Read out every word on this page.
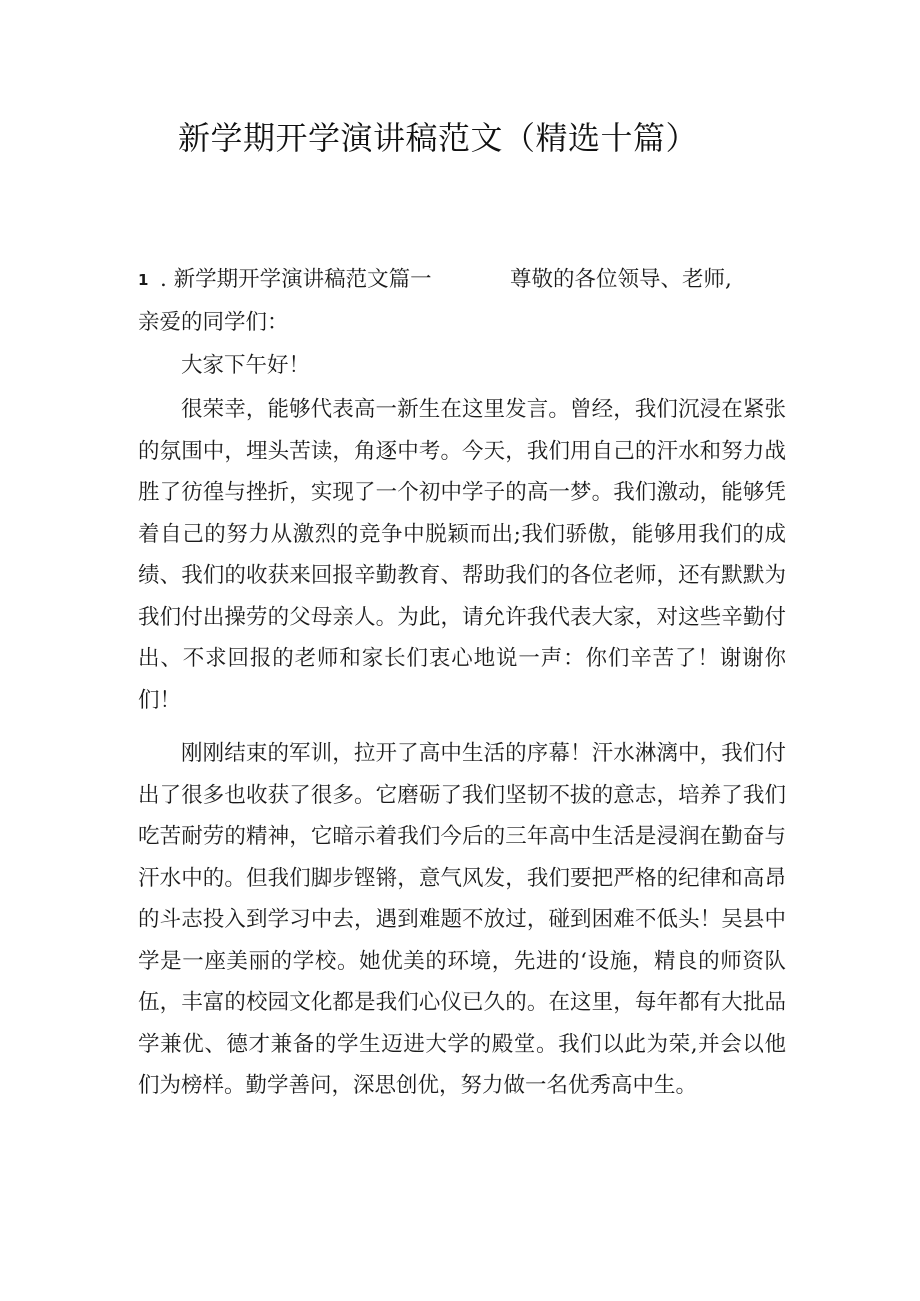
新学期开学演讲稿范文（精选十篇）
1 . 新学期开学演讲稿范文篇一	尊敬的各位领导、老师,
亲爱的同学们：
大家下午好！

很荣幸，能够代表高一新生在这里发言。曾经，我们沉浸在紧张的氛围中，埋头苦读，角逐中考。今天，我们用自己的汗水和努力战胜了彷徨与挫折，实现了一个初中学子的高一梦。我们激动，能够凭着自己的努力从激烈的竞争中脱颖而出;我们骄傲，能够用我们的成绩、我们的收获来回报辛勤教育、帮助我们的各位老师，还有默默为我们付出操劳的父母亲人。为此，请允许我代表大家，对这些辛勤付出、不求回报的老师和家长们衷心地说一声：你们辛苦了！谢谢你们！

刚刚结束的军训，拉开了高中生活的序幕！汗水淋漓中，我们付出了很多也收获了很多。它磨砺了我们坚韧不拔的意志，培养了我们吃苦耐劳的精神，它暗示着我们今后的三年高中生活是浸润在勤奋与汗水中的。但我们脚步铿锵，意气风发，我们要把严格的纪律和高昂的斗志投入到学习中去，遇到难题不放过，碰到困难不低头！吴县中学是一座美丽的学校。她优美的环境，先进的‘设施，精良的师资队伍，丰富的校园文化都是我们心仪已久的。在这里，每年都有大批品学兼优、德才兼备的学生迈进大学的殿堂。我们以此为荣,并会以他们为榜样。勤学善问，深思创优，努力做一名优秀高中生。
